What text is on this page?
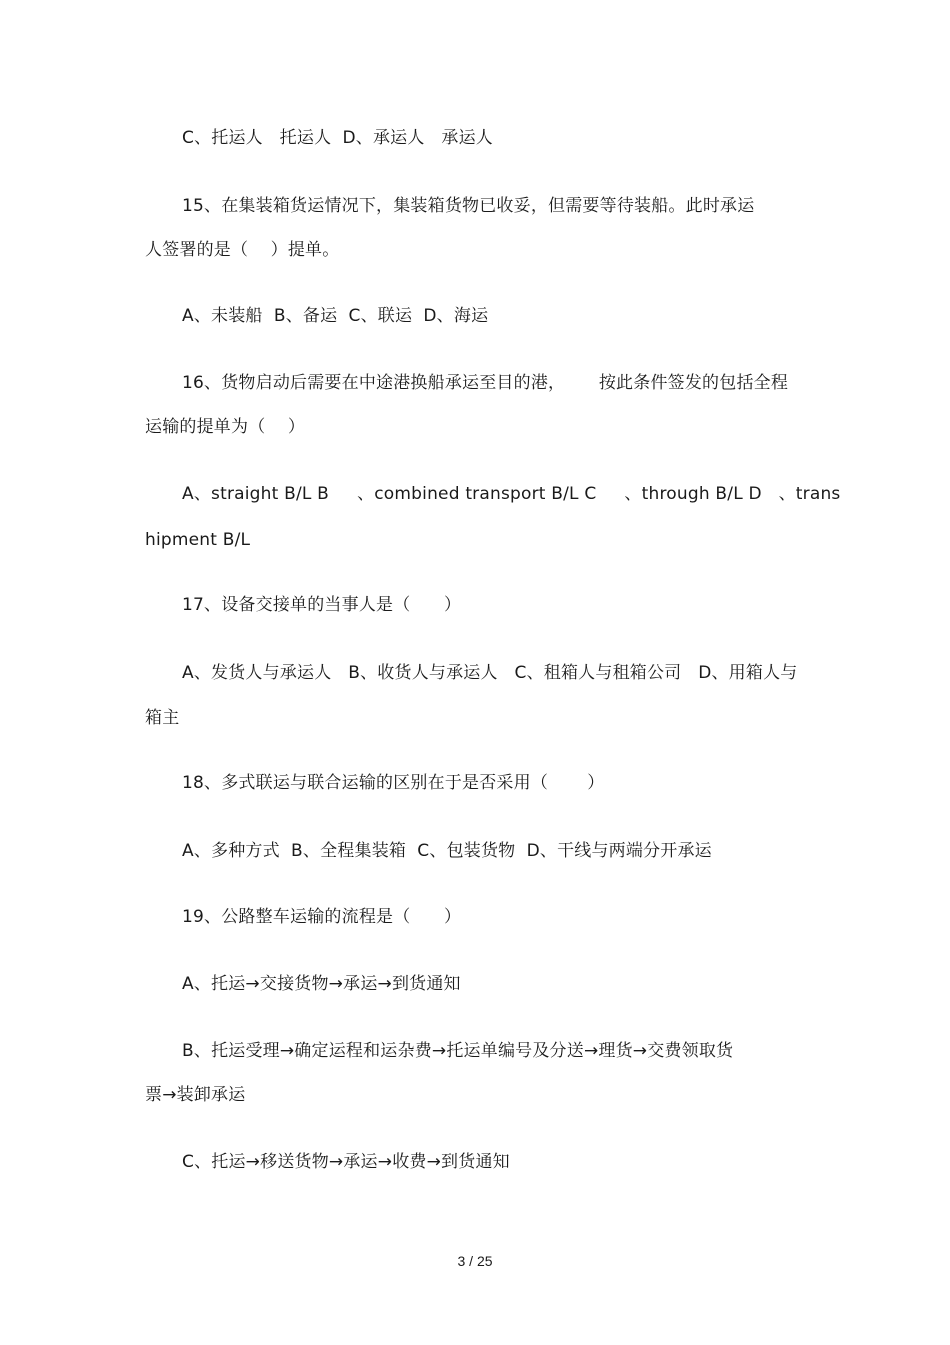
C、托运人   托运人  D、承运人   承运人
15、在集装箱货运情况下，集装箱货物已收妥，但需要等待装船。此时承运
人签署的是（    ）提单。
A、未装船  B、备运  C、联运  D、海运
16、货物启动后需要在中途港换船承运至目的港，      按此条件签发的包括全程
运输的提单为（    ）
A、straight B/L B     、combined transport B/L C     、through B/L D   、trans
hipment B/L
17、设备交接单的当事人是（      ）
A、发货人与承运人   B、收货人与承运人   C、租箱人与租箱公司   D、用箱人与
箱主
18、多式联运与联合运输的区别在于是否采用（       ）
A、多种方式  B、全程集装箱  C、包装货物  D、干线与两端分开承运
19、公路整车运输的流程是（      ）
A、托运→交接货物→承运→到货通知
B、托运受理→确定运程和运杂费→托运单编号及分送→理货→交费领取货
票→装卸承运
C、托运→移送货物→承运→收费→到货通知
3 / 25
